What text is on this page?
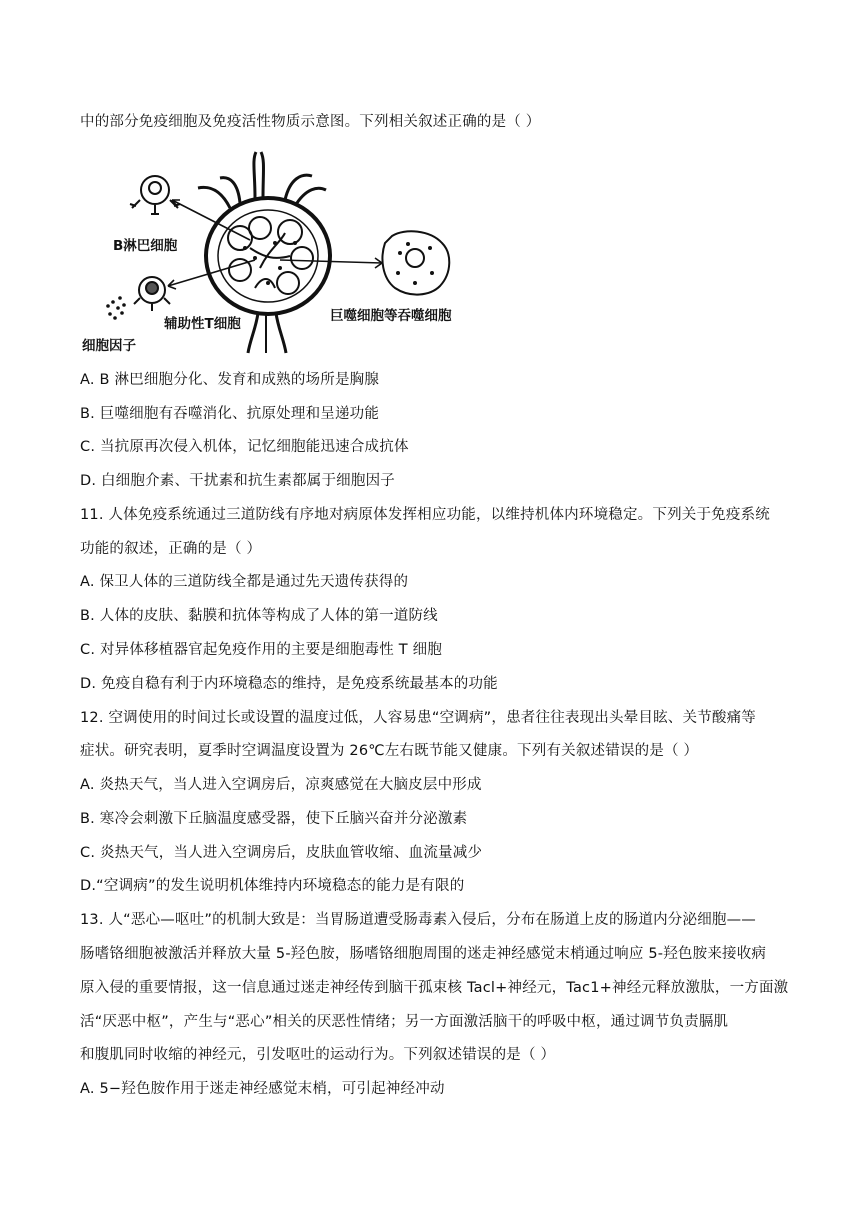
中的部分免疫细胞及免疫活性物质示意图。下列相关叙述正确的是（ ）
B淋巴细胞
辅助性T细胞
细胞因子
巨噬细胞等吞噬细胞
A. B 淋巴细胞分化、发育和成熟的场所是胸腺
B. 巨噬细胞有吞噬消化、抗原处理和呈递功能
C. 当抗原再次侵入机体，记忆细胞能迅速合成抗体
D. 白细胞介素、干扰素和抗生素都属于细胞因子
11. 人体免疫系统通过三道防线有序地对病原体发挥相应功能，以维持机体内环境稳定。下列关于免疫系统
功能的叙述，正确的是（ ）
A. 保卫人体的三道防线全都是通过先天遗传获得的
B. 人体的皮肤、黏膜和抗体等构成了人体的第一道防线
C. 对异体移植器官起免疫作用的主要是细胞毒性 T 细胞
D. 免疫自稳有利于内环境稳态的维持，是免疫系统最基本的功能
12. 空调使用的时间过长或设置的温度过低，人容易患“空调病”，患者往往表现出头晕目眩、关节酸痛等
症状。研究表明，夏季时空调温度设置为 26℃左右既节能又健康。下列有关叙述错误的是（ ）
A. 炎热天气，当人进入空调房后，凉爽感觉在大脑皮层中形成
B. 寒冷会刺激下丘脑温度感受器，使下丘脑兴奋并分泌激素
C. 炎热天气，当人进入空调房后，皮肤血管收缩、血流量减少
D.“空调病”的发生说明机体维持内环境稳态的能力是有限的
13. 人“恶心—呕吐”的机制大致是：当胃肠道遭受肠毒素入侵后，分布在肠道上皮的肠道内分泌细胞——
肠嗜铬细胞被激活并释放大量 5-羟色胺，肠嗜铬细胞周围的迷走神经感觉末梢通过响应 5-羟色胺来接收病
原入侵的重要情报，这一信息通过迷走神经传到脑干孤束核 Tacl+神经元，Tac1+神经元释放激肽，一方面激
活“厌恶中枢”，产生与“恶心”相关的厌恶性情绪；另一方面激活脑干的呼吸中枢，通过调节负责膈肌
和腹肌同时收缩的神经元，引发呕吐的运动行为。下列叙述错误的是（ ）
A. 5−羟色胺作用于迷走神经感觉末梢，可引起神经冲动
